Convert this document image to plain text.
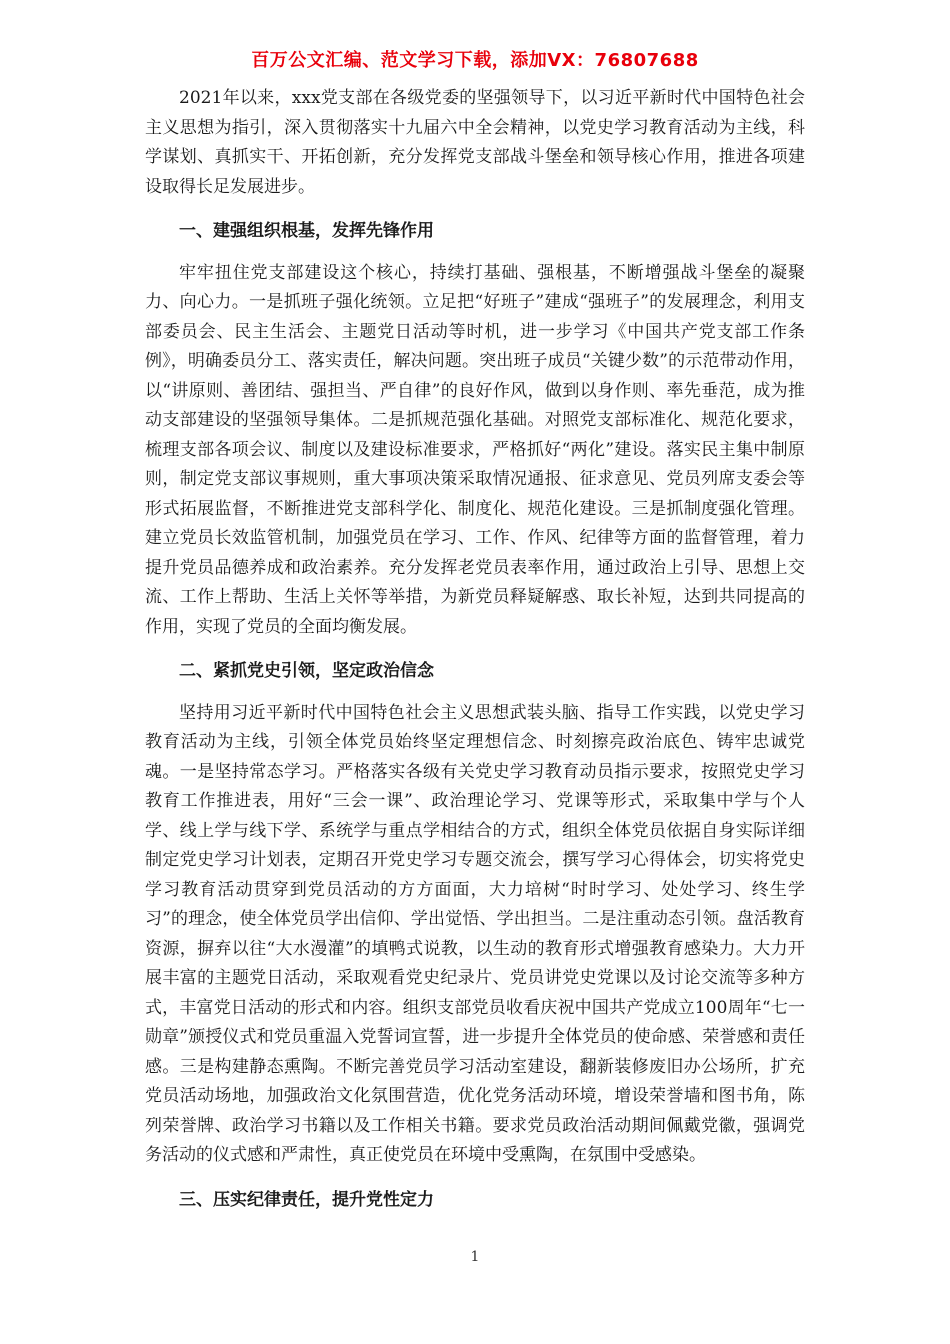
百万公文汇编、范文学习下载，添加VX：76807688

2021年以来，xxx党支部在各级党委的坚强领导下，以习近平新时代中国特色社会主义思想为指引，深入贯彻落实十九届六中全会精神，以党史学习教育活动为主线，科学谋划、真抓实干、开拓创新，充分发挥党支部战斗堡垒和领导核心作用，推进各项建设取得长足发展进步。

一、建强组织根基，发挥先锋作用

牢牢扭住党支部建设这个核心，持续打基础、强根基，不断增强战斗堡垒的凝聚力、向心力。一是抓班子强化统领。立足把“好班子”建成“强班子”的发展理念，利用支部委员会、民主生活会、主题党日活动等时机，进一步学习《中国共产党支部工作条例》，明确委员分工、落实责任，解决问题。突出班子成员“关键少数”的示范带动作用，以“讲原则、善团结、强担当、严自律”的良好作风，做到以身作则、率先垂范，成为推动支部建设的坚强领导集体。二是抓规范强化基础。对照党支部标准化、规范化要求，梳理支部各项会议、制度以及建设标准要求，严格抓好“两化”建设。落实民主集中制原则，制定党支部议事规则，重大事项决策采取情况通报、征求意见、党员列席支委会等形式拓展监督，不断推进党支部科学化、制度化、规范化建设。三是抓制度强化管理。建立党员长效监管机制，加强党员在学习、工作、作风、纪律等方面的监督管理，着力提升党员品德养成和政治素养。充分发挥老党员表率作用，通过政治上引导、思想上交流、工作上帮助、生活上关怀等举措，为新党员释疑解惑、取长补短，达到共同提高的作用，实现了党员的全面均衡发展。

二、紧抓党史引领，坚定政治信念

坚持用习近平新时代中国特色社会主义思想武装头脑、指导工作实践，以党史学习教育活动为主线，引领全体党员始终坚定理想信念、时刻擦亮政治底色、铸牢忠诚党魂。一是坚持常态学习。严格落实各级有关党史学习教育动员指示要求，按照党史学习教育工作推进表，用好“三会一课”、政治理论学习、党课等形式，采取集中学与个人学、线上学与线下学、系统学与重点学相结合的方式，组织全体党员依据自身实际详细制定党史学习计划表，定期召开党史学习专题交流会，撰写学习心得体会，切实将党史学习教育活动贯穿到党员活动的方方面面，大力培树“时时学习、处处学习、终生学习”的理念，使全体党员学出信仰、学出觉悟、学出担当。二是注重动态引领。盘活教育资源，摒弃以往“大水漫灌”的填鸭式说教，以生动的教育形式增强教育感染力。大力开展丰富的主题党日活动，采取观看党史纪录片、党员讲党史党课以及讨论交流等多种方式，丰富党日活动的形式和内容。组织支部党员收看庆祝中国共产党成立100周年“七一勋章”颁授仪式和党员重温入党誓词宣誓，进一步提升全体党员的使命感、荣誉感和责任感。三是构建静态熏陶。不断完善党员学习活动室建设，翻新装修废旧办公场所，扩充党员活动场地，加强政治文化氛围营造，优化党务活动环境，增设荣誉墙和图书角，陈列荣誉牌、政治学习书籍以及工作相关书籍。要求党员政治活动期间佩戴党徽，强调党务活动的仪式感和严肃性，真正使党员在环境中受熏陶，在氛围中受感染。

三、压实纪律责任，提升党性定力

1
